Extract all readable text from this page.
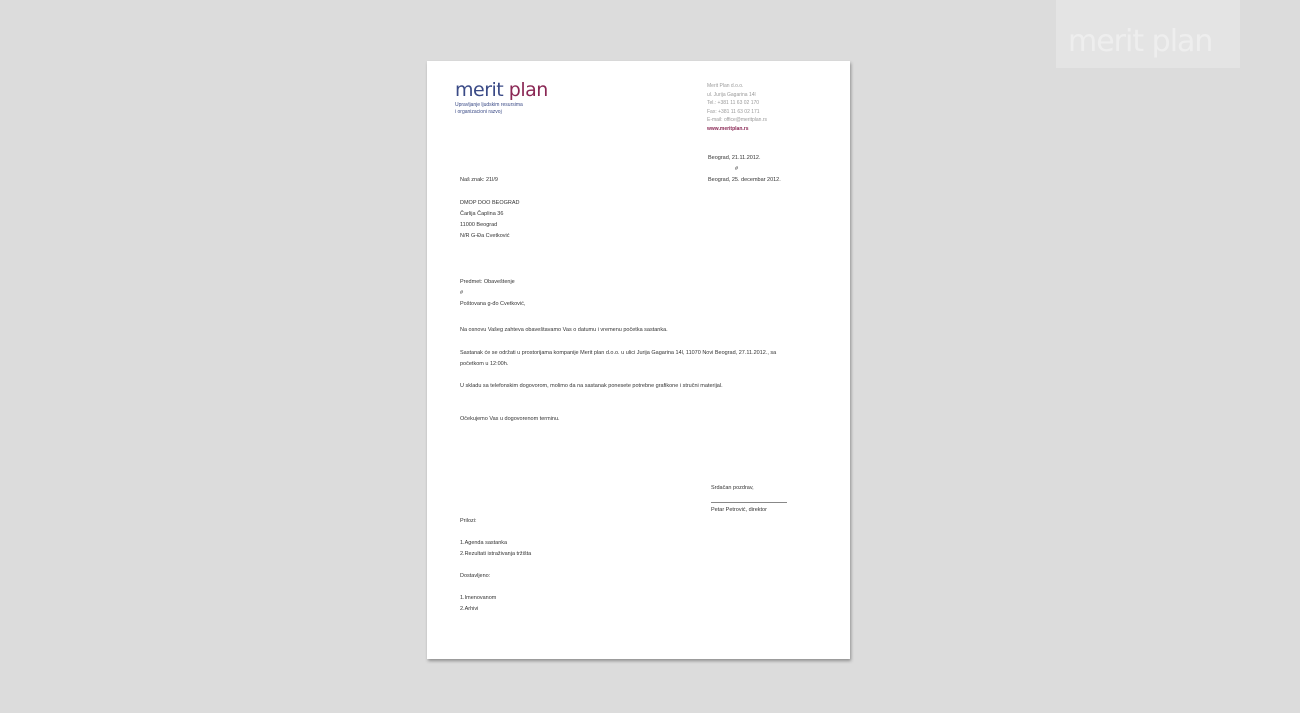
merit plan
merit plan
Upravljanje ljudskim resursima
i organizacioni razvoj
Merit Plan d.o.o.
ul. Jurija Gagarina 14l
Tel.: +381 11 63 02 170
Fax: +381 11 63 02 171
E-mail: office@meritplan.rs
www.meritplan.rs
Beograd, 21.11.2012.
#
Beograd, 25. decembar 2012.
Naš znak: 21l/9
DMOP DOO BEOGRAD
Čarlija Čaplina 36
11000 Beograd
N/R G-Đa Cvetković
Predmet: Obaveštenje
#
Poštovana g-đo Cvetković,
Na osnovu Vašeg zahteva obaveštavamo Vas o datumu i vremenu početka sastanka.
Sastanak će se održati u prostorijama kompanije Merit plan d.o.o. u ulici Jurija Gagarina 14l, 11070 Novi Beograd, 27.11.2012., sa početkom u 12:00h.
U skladu sa telefonskim dogovorom, molimo da na sastanak ponesete potrebne grafikone i stručni materijal.
Očekujemo Vas u dogovorenom terminu.
Srdačan pozdrav,
Petar Petrović, direktor
Prilozi:
1.Agenda sastanka
2.Rezultati istraživanja tržišta
Dostavljeno:
1.Imenovanom
2.Arhivi
